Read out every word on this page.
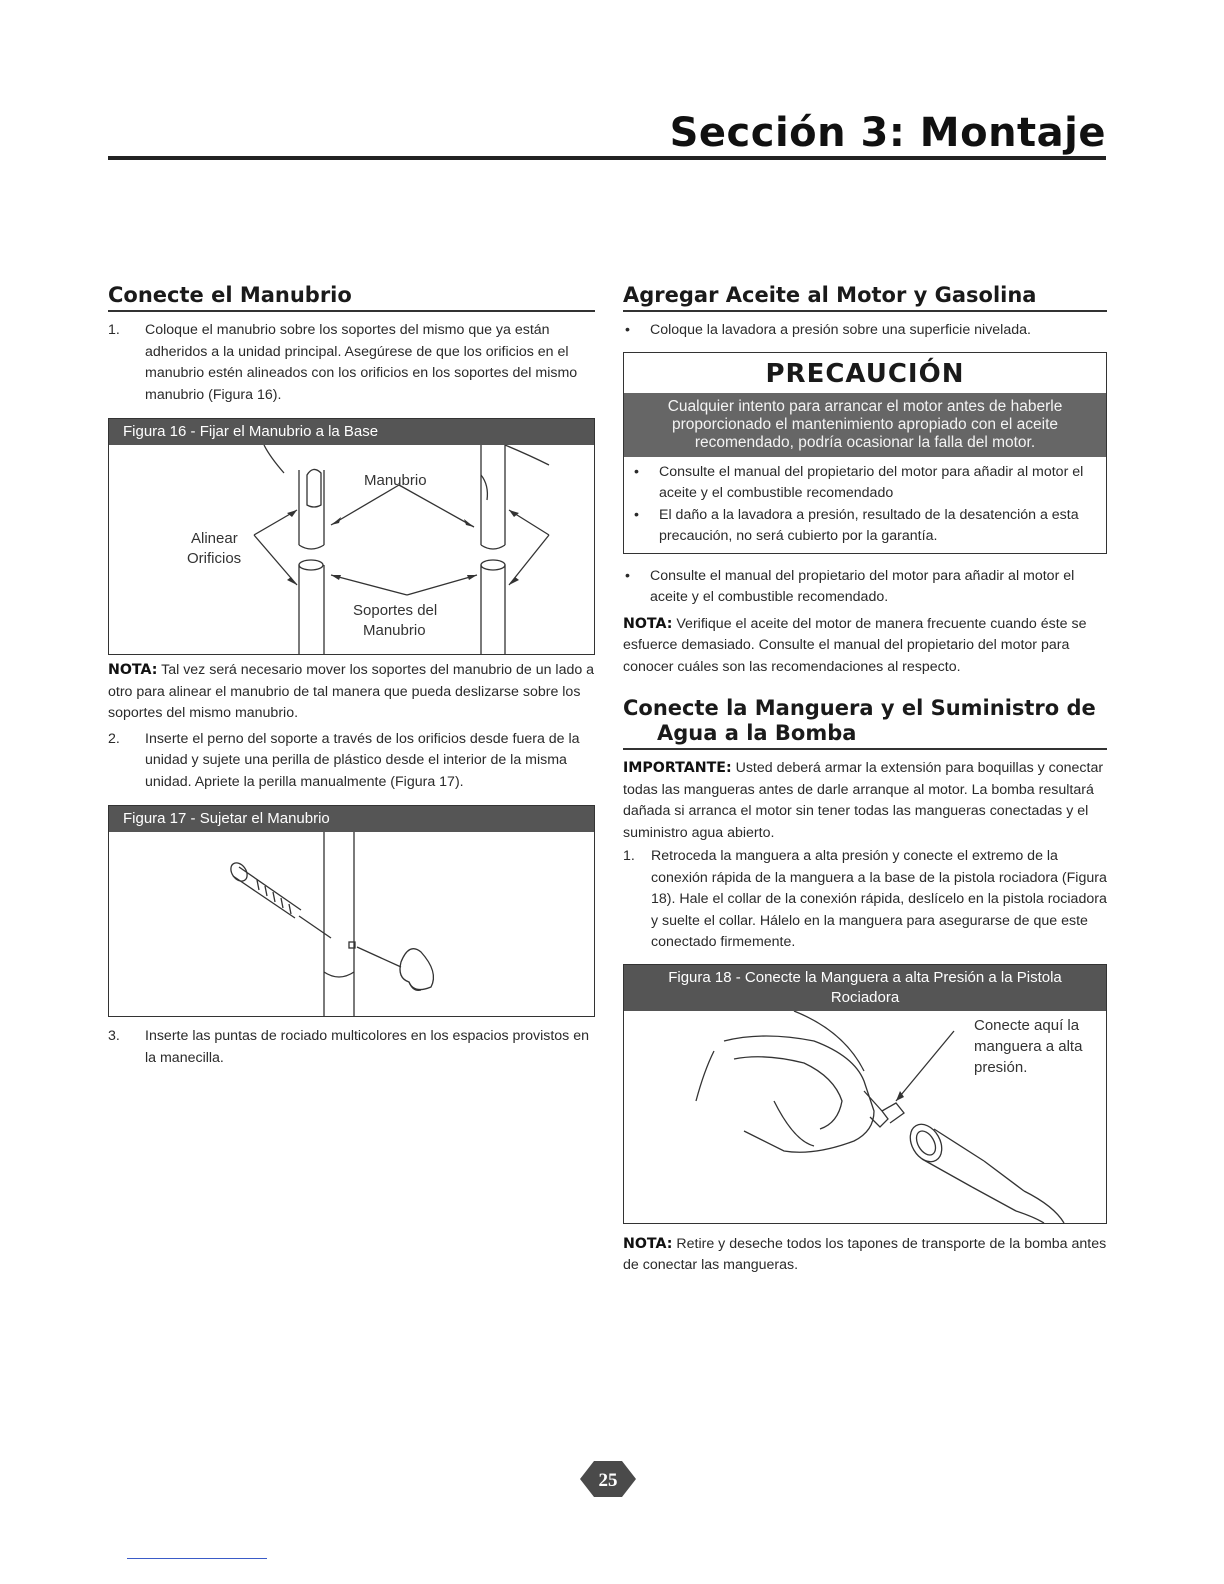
Sección 3: Montaje
Conecte el Manubrio
1. Coloque el manubrio sobre los soportes del mismo que ya están adheridos a la unidad principal. Asegúrese de que los orificios en el manubrio estén alineados con los orificios en los soportes del mismo manubrio (Figura 16).
Figura 16 - Fijar el Manubrio a la Base
Manubrio
Alinear
Orificios
Soportes del
Manubrio

NOTA: Tal vez será necesario mover los soportes del manubrio de un lado a otro para alinear el manubrio de tal manera que pueda deslizarse sobre los soportes del mismo manubrio.

2. Inserte el perno del soporte a través de los orificios desde fuera de la unidad y sujete una perilla de plástico desde el interior de la misma unidad. Apriete la perilla manualmente (Figura 17).
Figura 17 - Sujetar el Manubrio
3. Inserte las puntas de rociado multicolores en los espacios provistos en la manecilla.
Agregar Aceite al Motor y Gasolina
• Coloque la lavadora a presión sobre una superficie nivelada.
PRECAUCIÓN
Cualquier intento para arrancar el motor antes de haberle proporcionado el mantenimiento apropiado con el aceite recomendado, podría ocasionar la falla del motor.
• Consulte el manual del propietario del motor para añadir al motor el aceite y el combustible recomendado
• El daño a la lavadora a presión, resultado de la desatención a esta precaución, no será cubierto por la garantía.
• Consulte el manual del propietario del motor para añadir al motor el aceite y el combustible recomendado.

NOTA: Verifique el aceite del motor de manera frecuente cuando éste se esfuerce demasiado. Consulte el manual del propietario del motor para conocer cuáles son las recomendaciones al respecto.

Conecte la Manguera y el Suministro de
Agua a la Bomba

IMPORTANTE: Usted deberá armar la extensión para boquillas y conectar todas las mangueras antes de darle arranque al motor. La bomba resultará dañada si arranca el motor sin tener todas las mangueras conectadas y el suministro agua abierto.

1. Retroceda la manguera a alta presión y conecte el extremo de la conexión rápida de la manguera a la base de la pistola rociadora (Figura 18). Hale el collar de la conexión rápida, deslícelo en la pistola rociadora y suelte el collar. Hálelo en la manguera para asegurarse de que este conectado firmemente.
Figura 18 - Conecte la Manguera a alta Presión a la Pistola
Rociadora
Conecte aquí la
manguera a alta
presión.

NOTA: Retire y deseche todos los tapones de transporte de la bomba antes de conectar las mangueras.

25
